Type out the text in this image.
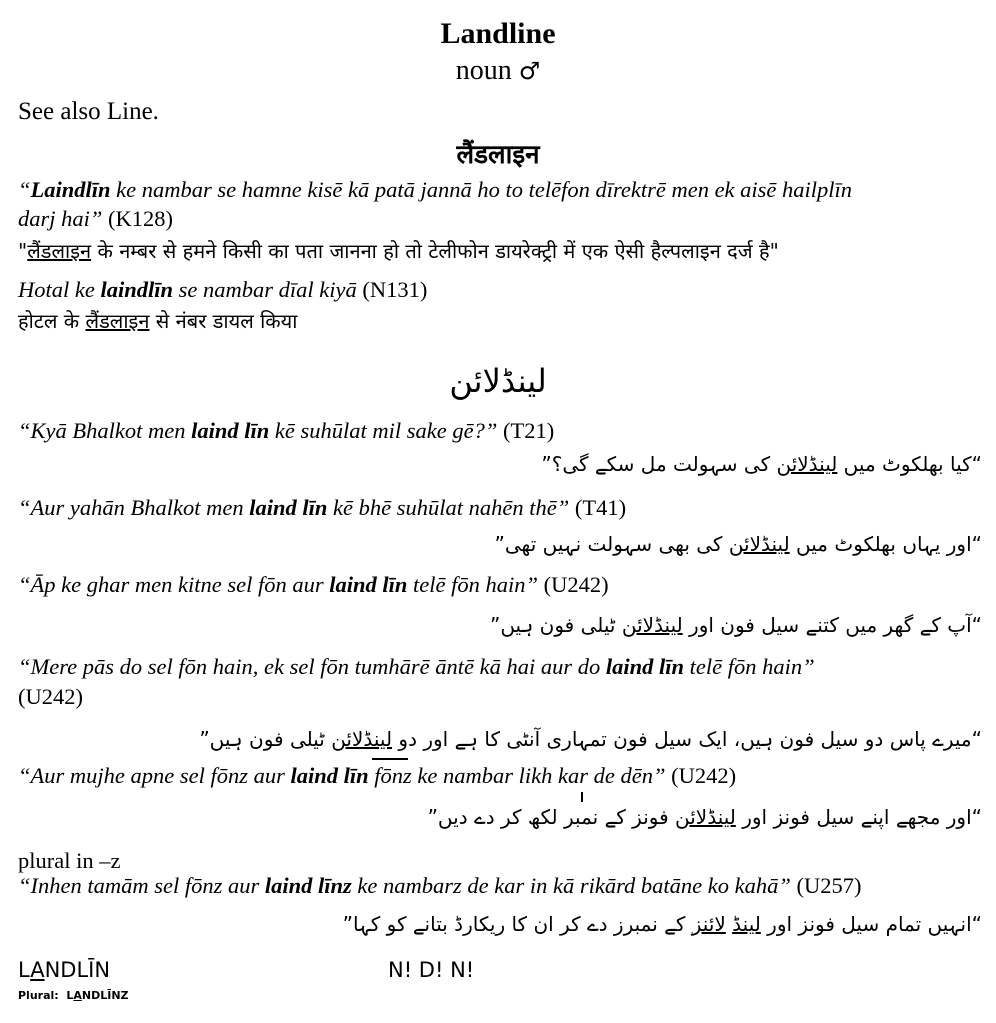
Landline
noun ♂
See also Line.
लैंडलाइन
“Laindlīn ke nambar se hamne kisē kā patā jannā ho to telēfon dīrektrē men ek aisē hailplīn
darj hai” (K128)
"लैंडलाइन के नम्बर से हमने किसी का पता जानना हो तो टेलीफोन डायरेक्ट्री में एक ऐसी हैल्पलाइन दर्ज है"
Hotal ke laindlīn se nambar dīal kiyā (N131)
होटल के लैंडलाइन से नंबर डायल किया
لینڈلائن
“Kyā Bhalkot men laind līn kē suhūlat mil sake gē?” (T21)
“کیا بھلکوٹ میں لینڈلائن کی سہولت مل سکے گی؟”
“Aur yahān Bhalkot men laind līn kē bhē suhūlat nahēn thē” (T41)
“اور یہاں بھلکوٹ میں لینڈلائن کی بھی سہولت نہیں تھی”
“Āp ke ghar men kitne sel fōn aur laind līn telē fōn hain” (U242)
“آپ کے گھر میں کتنے سیل فون اور لینڈلائن ٹیلی فون ہیں”
“Mere pās do sel fōn hain, ek sel fōn tumhārē āntē kā hai aur do laind līn telē fōn hain”
(U242)
“میرے پاس دو سیل فون ہیں، ایک سیل فون تمہاری آنٹی کا ہے اور دو لینڈلائن ٹیلی فون ہیں”
“Aur mujhe apne sel fōnz aur laind līn fōnz ke nambar likh kar de dēn” (U242)
“اور مجھے اپنے سیل فونز اور لینڈلائن فونز کے نمبر لکھ کر دے دیں”
plural in –z
“Inhen tamām sel fōnz aur laind līnz ke nambarz de kar in kā rikārd batāne ko kahā” (U257)
“انہیں تمام سیل فونز اور لینڈ لائنز کے نمبرز دے کر ان کا ریکارڈ بتانے کو کہا”
LANDLĪN	N! D! N!
Plural:  LANDLĪNZ
